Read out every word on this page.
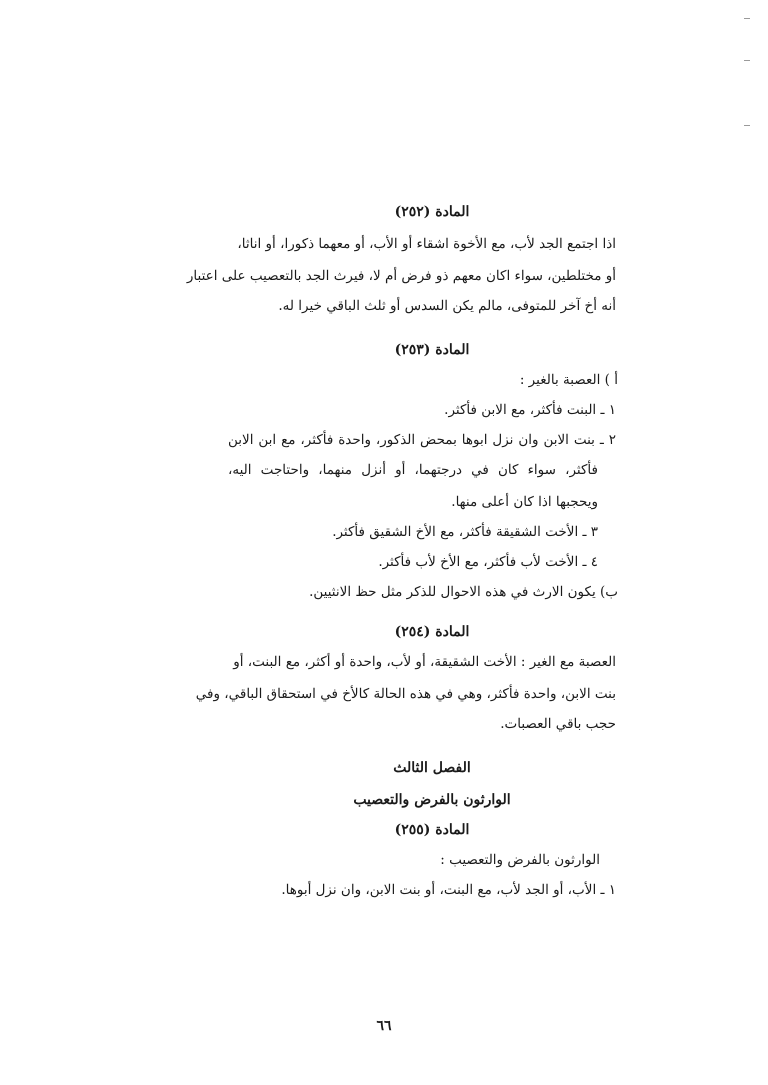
المادة (٢٥٢)
اذا اجتمع الجد لأب، مع الأخوة اشقاء أو الأب، أو معهما ذكورا، أو اناثا،
أو مختلطين، سواء اكان معهم ذو فرض أم لا، فيرث الجد بالتعصيب على اعتبار
أنه أخ آخر للمتوفى، مالم يكن السدس أو ثلث الباقي خيرا له.
المادة (٢٥٣)
أ ) العصبة بالغير :
١ ـ البنت فأكثر، مع الابن فأكثر.
٢ ـ بنت الابن وان نزل ابوها بمحض الذكور، واحدة فأكثر، مع ابن الابن
فأكثر، سواء كان في درجتهما، أو أنزل منهما، واحتاجت اليه،
ويحجبها اذا كان أعلى منها.
٣ ـ الأخت الشقيقة فأكثر، مع الأخ الشقيق فأكثر.
٤ ـ الأخت لأب فأكثر، مع الأخ لأب فأكثر.
ب) يكون الارث في هذه الاحوال للذكر مثل حظ الانثيين.
المادة (٢٥٤)
العصبة مع الغير : الأخت الشقيقة، أو لأب، واحدة أو أكثر، مع البنت، أو
بنت الابن، واحدة فأكثر، وهي في هذه الحالة كالأخ في استحقاق الباقي، وفي
حجب باقي العصبات.
الفصل الثالث
الوارثون بالفرض والتعصيب
المادة (٢٥٥)
الوارثون بالفرض والتعصيب :
١ ـ الأب، أو الجد لأب، مع البنت، أو بنت الابن، وان نزل أبوها.
٦٦
